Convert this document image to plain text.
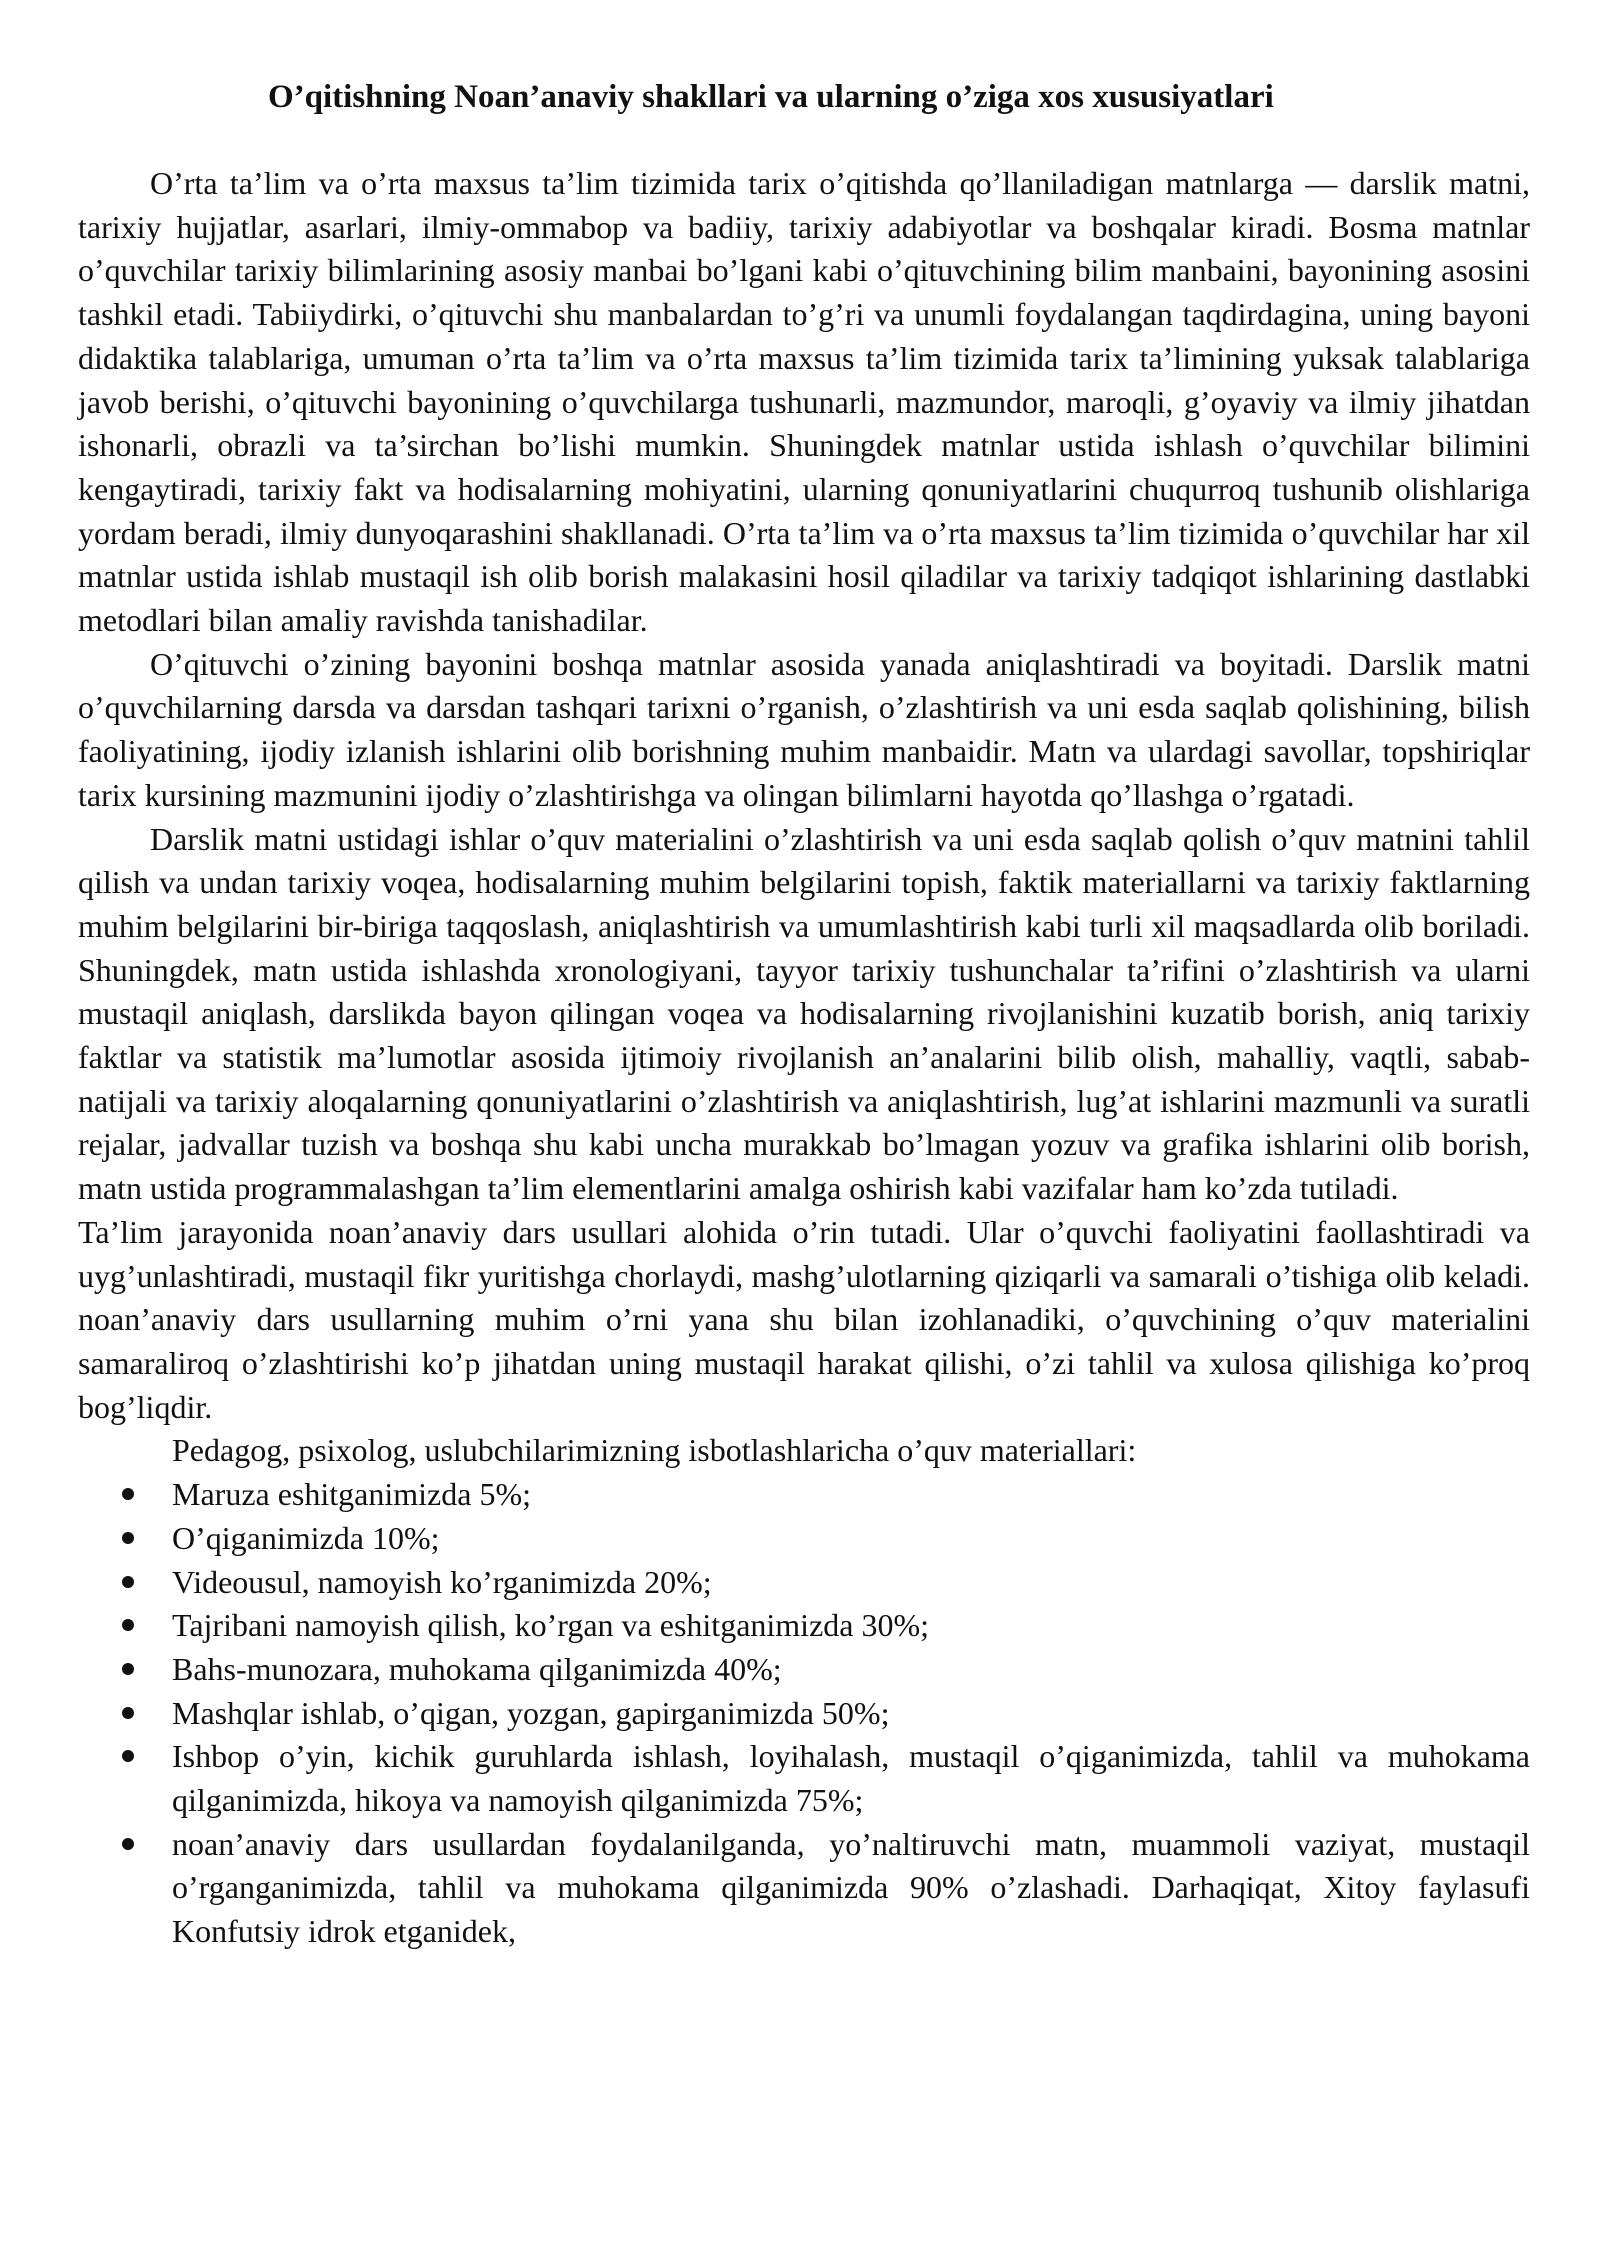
O’qitishning Noan’anaviy shakllari va ularning o’ziga xos xususiyatlari

O’rta ta’lim va o’rta maxsus ta’lim tizimida tarix o’qitishda qo’llaniladigan matnlarga — darslik matni, tarixiy hujjatlar, asarlari, ilmiy-ommabop va badiiy, tarixiy adabiyotlar va boshqalar kiradi. Bosma matnlar o’quvchilar tarixiy bilimlarining asosiy manbai bo’lgani kabi o’qituvchining bilim manbaini, bayonining asosini tashkil etadi. Tabiiydirki, o’qituvchi shu manbalardan to’g’ri va unumli foydalangan taqdirdagina, uning bayoni didaktika talablariga, umuman o’rta ta’lim va o’rta maxsus ta’lim tizimida tarix ta’limining yuksak talablariga javob berishi, o’qituvchi bayonining o’quvchilarga tushunarli, mazmundor, maroqli, g’oyaviy va ilmiy jihatdan ishonarli, obrazli va ta’sirchan bo’lishi mumkin. Shuningdek matnlar ustida ishlash o’quvchilar bilimini kengaytiradi, tarixiy fakt va hodisalarning mohiyatini, ularning qonuniyatlarini chuqurroq tushunib olishlariga yordam beradi, ilmiy dunyoqarashini shakllanadi. O’rta ta’lim va o’rta maxsus ta’lim tizimida o’quvchilar har xil matnlar ustida ishlab mustaqil ish olib borish malakasini hosil qiladilar va tarixiy tadqiqot ishlarining dastlabki metodlari bilan amaliy ravishda tanishadilar.

O’qituvchi o’zining bayonini boshqa matnlar asosida yanada aniqlashtiradi va boyitadi. Darslik matni o’quvchilarning darsda va darsdan tashqari tarixni o’rganish, o’zlashtirish va uni esda saqlab qolishining, bilish faoliyatining, ijodiy izlanish ishlarini olib borishning muhim manbaidir. Matn va ulardagi savollar, topshiriqlar tarix kursining mazmunini ijodiy o’zlashtirishga va olingan bilimlarni hayotda qo’llashga o’rgatadi.

Darslik matni ustidagi ishlar o’quv materialini o’zlashtirish va uni esda saqlab qolish o’quv matnini tahlil qilish va undan tarixiy voqea, hodisalarning muhim belgilarini topish, faktik materiallarni va tarixiy faktlarning muhim belgilarini bir-biriga taqqoslash, aniqlashtirish va umumlashtirish kabi turli xil maqsadlarda olib boriladi. Shuningdek, matn ustida ishlashda xronologiyani, tayyor tarixiy tushunchalar ta’rifini o’zlashtirish va ularni mustaqil aniqlash, darslikda bayon qilingan voqea va hodisalarning rivojlanishini kuzatib borish, aniq tarixiy faktlar va statistik ma’lumotlar asosida ijtimoiy rivojlanish an’analarini bilib olish, mahalliy, vaqtli, sabab-natijali va tarixiy aloqalarning qonuniyatlarini o’zlashtirish va aniqlashtirish, lug’at ishlarini mazmunli va suratli rejalar, jadvallar tuzish va boshqa shu kabi uncha murakkab bo’lmagan yozuv va grafika ishlarini olib borish, matn ustida programmalashgan ta’lim elementlarini amalga oshirish kabi vazifalar ham ko’zda tutiladi.

Ta’lim jarayonida noan’anaviy dars usullari alohida o’rin tutadi. Ular o’quvchi faoliyatini faollashtiradi va uyg’unlashtiradi, mustaqil fikr yuritishga chorlaydi, mashg’ulotlarning qiziqarli va samarali o’tishiga olib keladi. noan’anaviy dars usullarning muhim o’rni yana shu bilan izohlanadiki, o’quvchining o’quv materialini samaraliroq o’zlashtirishi ko’p jihatdan uning mustaqil harakat qilishi, o’zi tahlil va xulosa qilishiga ko’proq bog’liqdir.

Pedagog, psixolog, uslubchilarimizning isbotlashlaricha o’quv materiallari:

Maruza eshitganimizda 5%;
O’qiganimizda 10%;
Videousul, namoyish ko’rganimizda 20%;
Tajribani namoyish qilish, ko’rgan va eshitganimizda 30%;
Bahs-munozara, muhokama qilganimizda 40%;
Mashqlar ishlab, o’qigan, yozgan, gapirganimizda 50%;
Ishbop o’yin, kichik guruhlarda ishlash, loyihalash, mustaqil o’qiganimizda, tahlil va muhokama qilganimizda, hikoya va namoyish qilganimizda 75%;
noan’anaviy dars usullardan foydalanilganda, yo’naltiruvchi matn, muammoli vaziyat, mustaqil o’rganganimizda, tahlil va muhokama qilganimizda 90% o’zlashadi. Darhaqiqat, Xitoy faylasufi Konfutsiy idrok etganidek,
